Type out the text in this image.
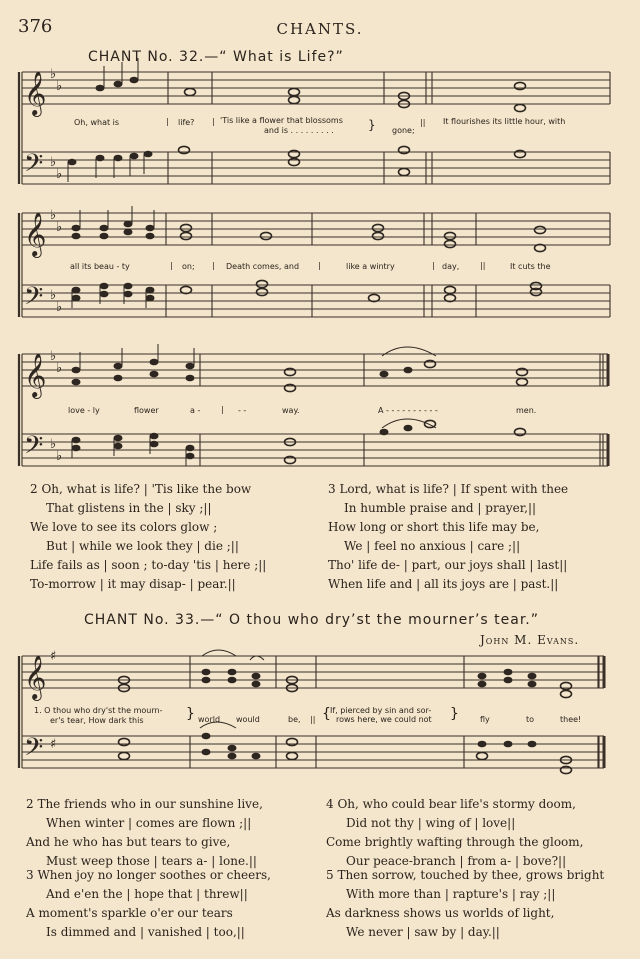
376	CHANTS.
CHANT No. 32.—“ What is Life?”
𝄞
𝄢
♭
♭
♭
♭
𝄞
𝄢
♭
♭
♭
♭
𝄞
𝄢
♭
♭
♭
♭
𝄞
𝄢
♯
♯
Oh, what is	| life? | 'Tis like a flower that blossoms
and is . . . . . . . . .	} gone;
|| It flourishes its little hour, with
all its beau - ty	| on; | Death comes, and |	like a wintry	| day,	||	It cuts the
love - ly	flower	a -	| - -	way.	A - - - - - - - - - -	men.
2 Oh, what is life? | 'Tis like the bow
That glistens in the | sky ;||
We love to see its colors glow ;
But | while we look they | die ;||
Life fails as | soon ; to-day 'tis | here ;||
To-morrow | it may disap- | pear.||
3 Lord, what is life? | If spent with thee
In humble praise and | prayer,||
How long or short this life may be,
We | feel no anxious | care ;||
Tho' life de- | part, our joys shall | last||
When life and | all its joys are | past.||
CHANT No. 33.—“ O thou who dry’st the mourner’s tear.”
John M. Evans.
1. O thou who dry'st the mourn-
er's tear, How dark this	} world would	be, || { If, pierced by sin and sor-
rows here, we could not }	fly	to	thee!
2 The friends who in our sunshine live,
When winter | comes are flown ;||
And he who has but tears to give,
Must weep those | tears a- | lone.||
3 When joy no longer soothes or cheers,
And e'en the | hope that | threw||
A moment's sparkle o'er our tears
Is dimmed and | vanished | too,||
4 Oh, who could bear life's stormy doom,
Did not thy | wing of | love||
Come brightly wafting through the gloom,
Our peace-branch | from a- | bove?||
5 Then sorrow, touched by thee, grows bright
With more than | rapture's | ray ;||
As darkness shows us worlds of light,
We never | saw by | day.||
